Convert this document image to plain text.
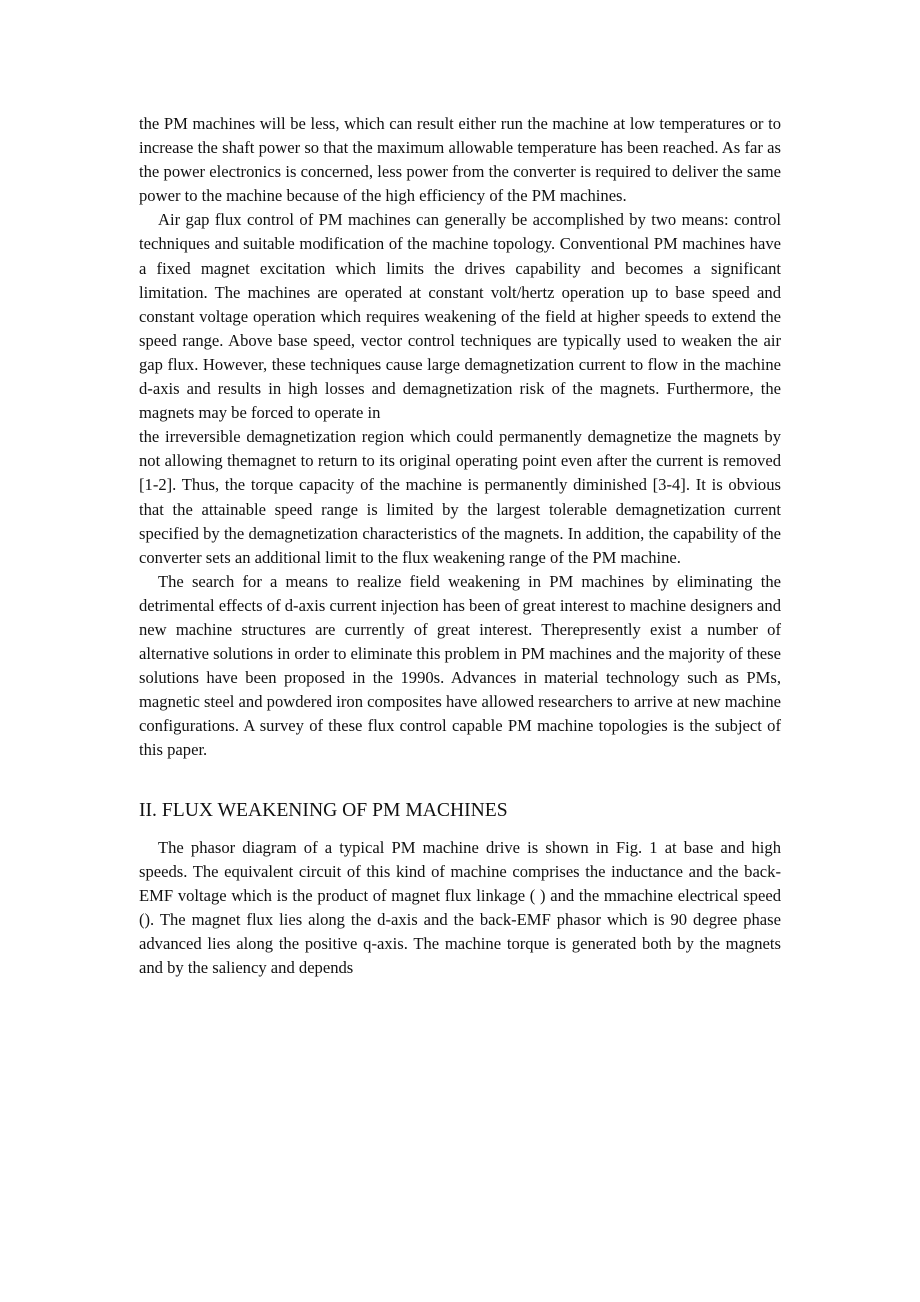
the PM machines will be less, which can result either run the machine at low temperatures or to increase the shaft power so that the maximum allowable temperature has been reached. As far as the power electronics is concerned, less power from the converter is required to deliver the same power to the machine because of the high efficiency of the PM machines.

Air gap flux control of PM machines can generally be accomplished by two means: control techniques and suitable modification of the machine topology. Conventional PM machines have a fixed magnet excitation which limits the drives capability and becomes a significant limitation. The machines are operated at constant volt/hertz operation up to base speed and constant voltage operation which requires weakening of the field at higher speeds to extend the speed range. Above base speed, vector control techniques are typically used to weaken the air gap flux. However, these techniques cause large demagnetization current to flow in the machine d-axis and results in high losses and demagnetization risk of the magnets. Furthermore, the magnets may be forced to operate in

the irreversible demagnetization region which could permanently demagnetize the magnets by not allowing themagnet to return to its original operating point even after the current is removed [1-2]. Thus, the torque capacity of the machine is permanently diminished [3-4]. It is obvious that the attainable speed range is limited by the largest tolerable demagnetization current specified by the demagnetization characteristics of the magnets. In addition, the capability of the converter sets an additional limit to the flux weakening range of the PM machine.

The search for a means to realize field weakening in PM machines by eliminating the detrimental effects of d-axis current injection has been of great interest to machine designers and new machine structures are currently of great interest. Therepresently exist a number of alternative solutions in order to eliminate this problem in PM machines and the majority of these solutions have been proposed in the 1990s. Advances in material technology such as PMs, magnetic steel and powdered iron composites have allowed researchers to arrive at new machine configurations. A survey of these flux control capable PM machine topologies is the subject of this paper.

II. FLUX WEAKENING OF PM MACHINES

The phasor diagram of a typical PM machine drive is shown in Fig. 1 at base and high speeds. The equivalent circuit of this kind of machine comprises the inductance and the back-EMF voltage which is the product of magnet flux linkage ( ) and the mmachine electrical speed (). The magnet flux lies along the d-axis and the back-EMF phasor which is 90 degree phase advanced lies along the positive q-axis. The machine torque is generated both by the magnets and by the saliency and depends
